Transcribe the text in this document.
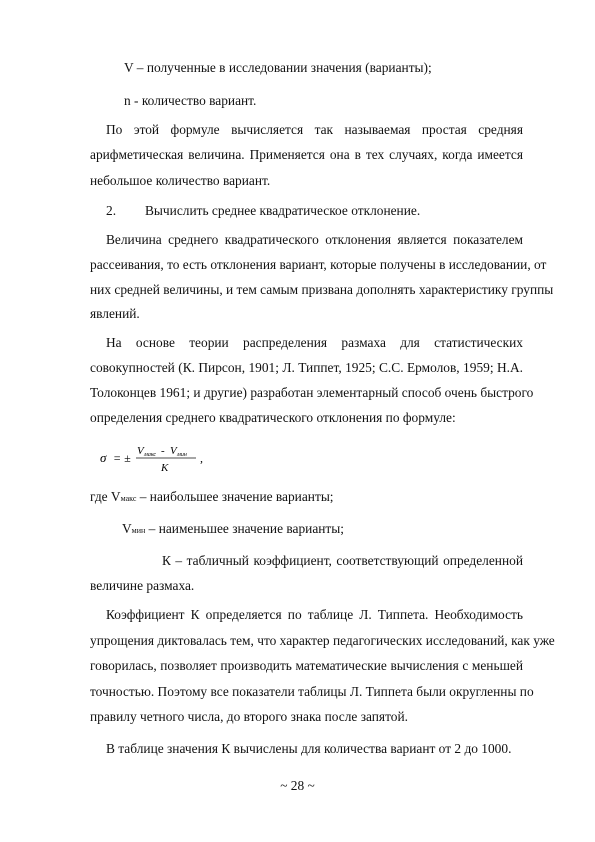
V – полученные в исследовании значения (варианты);
n - количество вариант.
По этой формуле вычисляется так называемая простая средняя
арифметическая величина. Применяется она в тех случаях, когда имеется
небольшое количество вариант.
2. Вычислить среднее квадратическое отклонение.
Величина среднего квадратического отклонения является показателем
рассеивания, то есть отклонения вариант, которые получены в исследовании, от
них средней величины, и тем самым призвана дополнять характеристику группы
явлений.
На основе теории распределения размаха для статистических
совокупностей (К. Пирсон, 1901; Л. Типпет, 1925; С.С. Ермолов, 1959; Н.А.
Толоконцев 1961; и другие) разработан элементарный способ очень быстрого
определения среднего квадратического отклонения по формуле:
σ = ± V макс - V мин
K
,
где Vмакс – наибольшее значение варианты;
Vмин – наименьшее значение варианты;
К – табличный коэффициент, соответствующий определенной
величине размаха.
Коэффициент К определяется по таблице Л. Типпета. Необходимость
упрощения диктовалась тем, что характер педагогических исследований, как уже
говорилась, позволяет производить математические вычисления с меньшей
точностью. Поэтому все показатели таблицы Л. Типпета были округленны по
правилу четного числа, до второго знака после запятой.
В таблице значения К вычислены для количества вариант от 2 до 1000.
~ 28 ~
